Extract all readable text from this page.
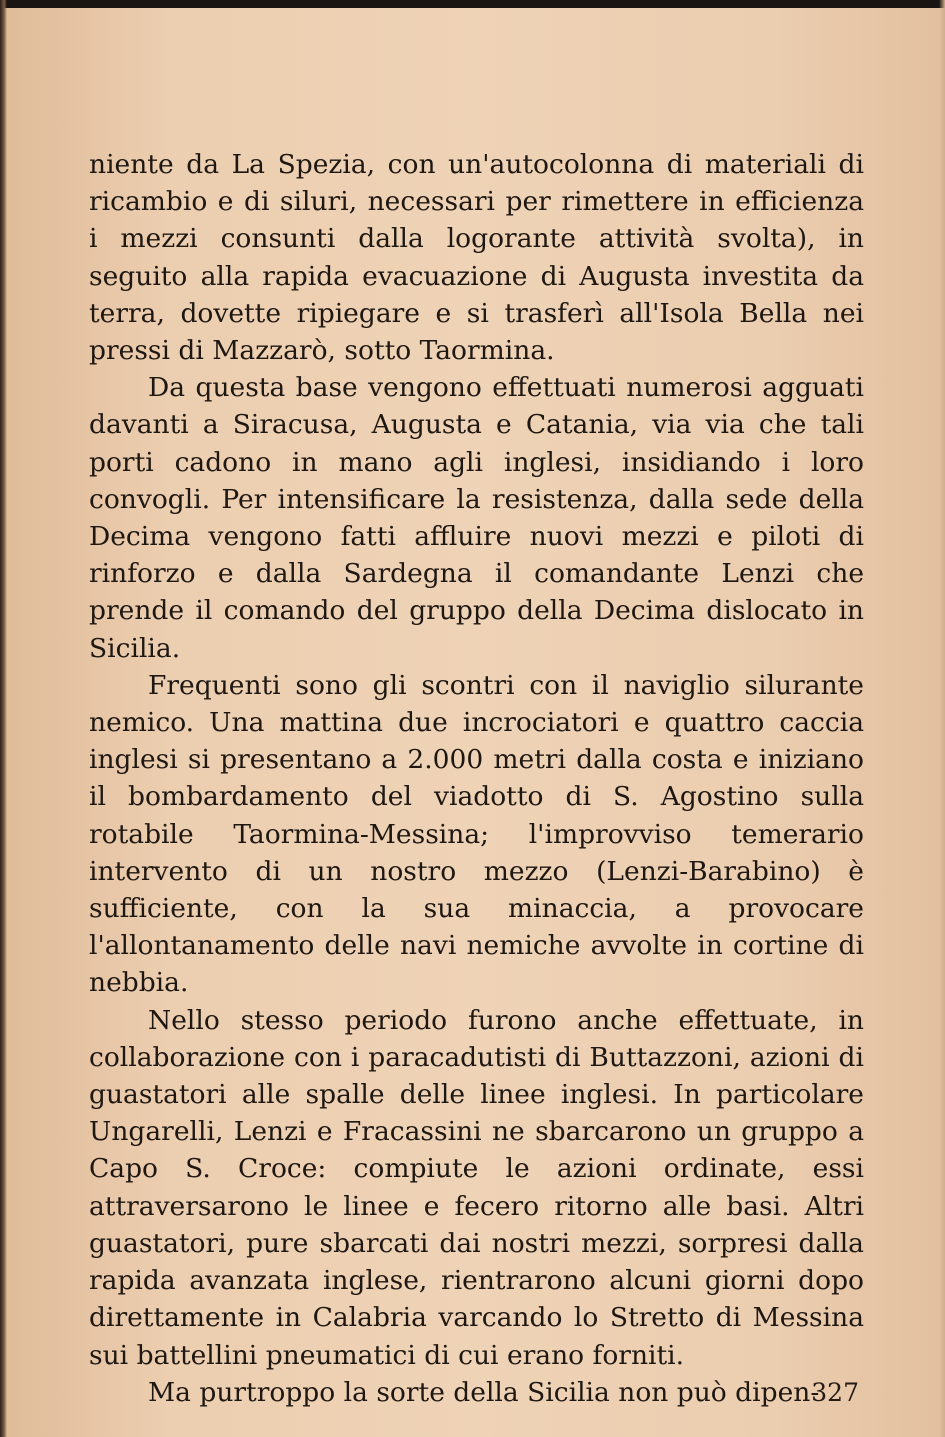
niente da La Spezia, con un'autocolonna di materiali di ricambio e di siluri, necessari per rimettere in efficienza i mezzi consunti dalla logorante attività svolta), in seguito alla rapida evacuazione di Augusta investita da terra, dovette ripiegare e si trasferì all'Isola Bella nei pressi di Mazzarò, sotto Taormina.

Da questa base vengono effettuati numerosi agguati davanti a Siracusa, Augusta e Catania, via via che tali porti cadono in mano agli inglesi, insidiando i loro convogli. Per intensificare la resistenza, dalla sede della Decima vengono fatti affluire nuovi mezzi e piloti di rinforzo e dalla Sardegna il comandante Lenzi che prende il comando del gruppo della Decima dislocato in Sicilia.

Frequenti sono gli scontri con il naviglio silurante nemico. Una mattina due incrociatori e quattro caccia inglesi si presentano a 2.000 metri dalla costa e iniziano il bombardamento del viadotto di S. Agostino sulla rotabile Taormina-Messina; l'improvviso temerario intervento di un nostro mezzo (Lenzi-Barabino) è sufficiente, con la sua minaccia, a provocare l'allontanamento delle navi nemiche avvolte in cortine di nebbia.

Nello stesso periodo furono anche effettuate, in collaborazione con i paracadutisti di Buttazzoni, azioni di guastatori alle spalle delle linee inglesi. In particolare Ungarelli, Lenzi e Fracassini ne sbarcarono un gruppo a Capo S. Croce: compiute le azioni ordinate, essi attraversarono le linee e fecero ritorno alle basi. Altri guastatori, pure sbarcati dai nostri mezzi, sorpresi dalla rapida avanzata inglese, rientrarono alcuni giorni dopo direttamente in Calabria varcando lo Stretto di Messina sui battellini pneumatici di cui erano forniti.

Ma purtroppo la sorte della Sicilia non può dipen-

327
